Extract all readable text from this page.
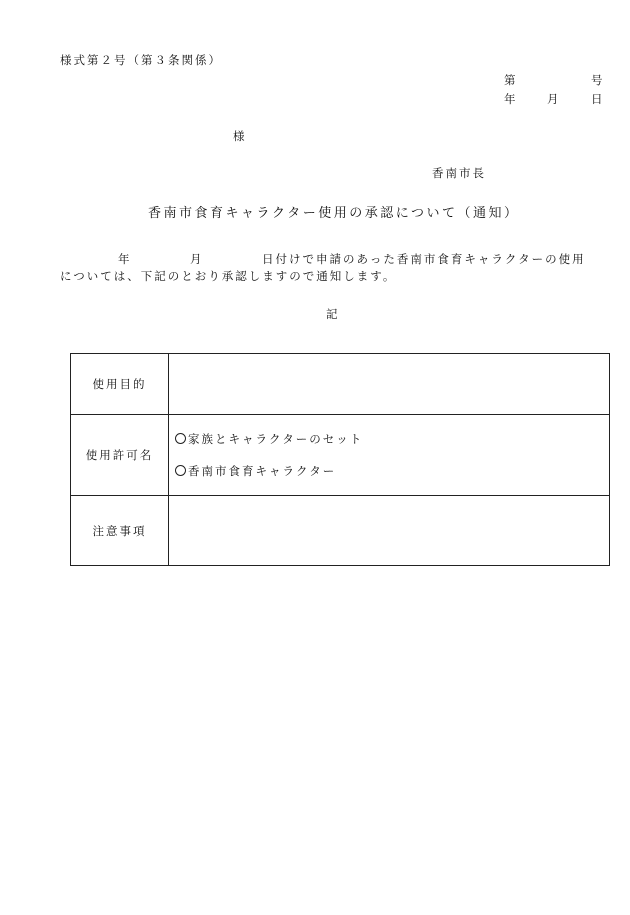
様式第２号（第３条関係）
第	号
年	月	日
様
香南市長
香南市食育キャラクター使用の承認について（通知）
年	月	日付けで申請のあった香南市食育キャラクターの使用
については、下記のとおり承認しますので通知します。
記
使用目的	
使用許可名	家族とキャラクターのセット
香南市食育キャラクター

注意事項	
